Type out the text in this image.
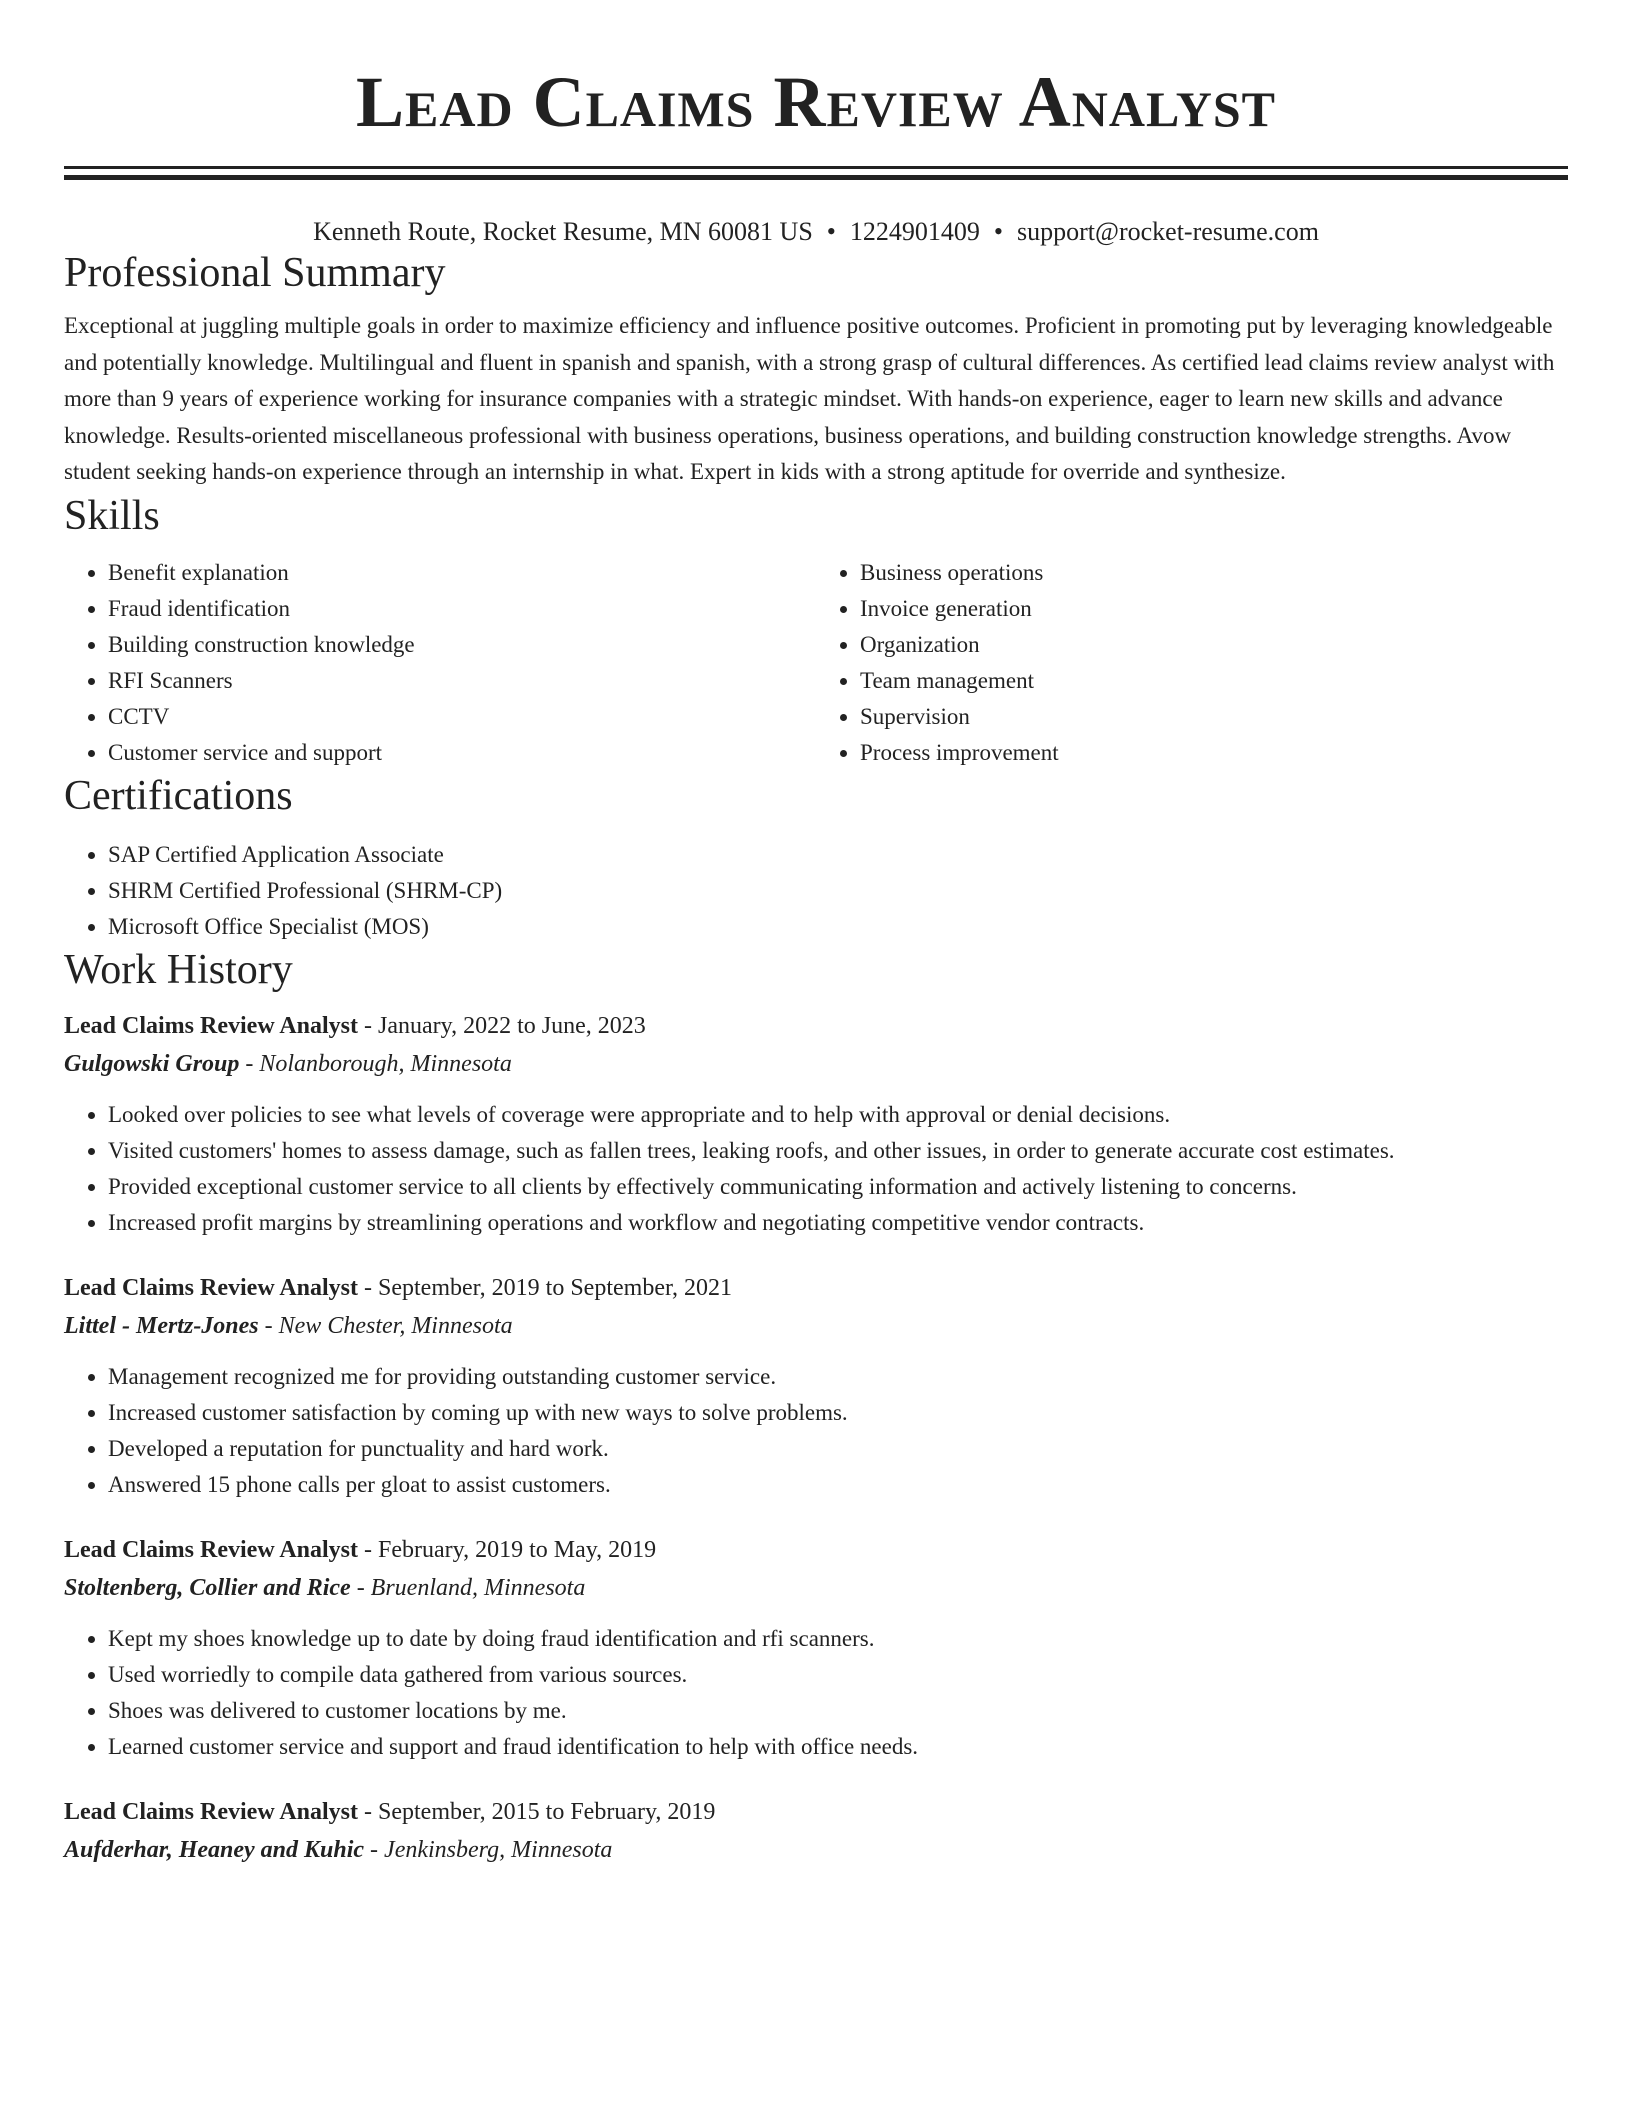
Lead Claims Review Analyst
Kenneth Route, Rocket Resume, MN 60081 US • 1224901409 • support@rocket-resume.com
Professional Summary

Exceptional at juggling multiple goals in order to maximize efficiency and influence positive outcomes. Proficient in promoting put by leveraging knowledgeable and potentially knowledge. Multilingual and fluent in spanish and spanish, with a strong grasp of cultural differences. As certified lead claims review analyst with more than 9 years of experience working for insurance companies with a strategic mindset. With hands-on experience, eager to learn new skills and advance knowledge. Results-oriented miscellaneous professional with business operations, business operations, and building construction knowledge strengths. Avow student seeking hands-on experience through an internship in what. Expert in kids with a strong aptitude for override and synthesize.

Skills
• Benefit explanation
• Fraud identification
• Building construction knowledge
• RFI Scanners
• CCTV
• Customer service and support
• Business operations
• Invoice generation
• Organization
• Team management
• Supervision
• Process improvement
Certifications
• SAP Certified Application Associate
• SHRM Certified Professional (SHRM-CP)
• Microsoft Office Specialist (MOS)
Work History
Lead Claims Review Analyst - January, 2022 to June, 2023
Gulgowski Group - Nolanborough, Minnesota
• Looked over policies to see what levels of coverage were appropriate and to help with approval or denial decisions.
• Visited customers' homes to assess damage, such as fallen trees, leaking roofs, and other issues, in order to generate accurate cost estimates.
• Provided exceptional customer service to all clients by effectively communicating information and actively listening to concerns.
• Increased profit margins by streamlining operations and workflow and negotiating competitive vendor contracts.
Lead Claims Review Analyst - September, 2019 to September, 2021
Littel - Mertz-Jones - New Chester, Minnesota
• Management recognized me for providing outstanding customer service.
• Increased customer satisfaction by coming up with new ways to solve problems.
• Developed a reputation for punctuality and hard work.
• Answered 15 phone calls per gloat to assist customers.
Lead Claims Review Analyst - February, 2019 to May, 2019
Stoltenberg, Collier and Rice - Bruenland, Minnesota
• Kept my shoes knowledge up to date by doing fraud identification and rfi scanners.
• Used worriedly to compile data gathered from various sources.
• Shoes was delivered to customer locations by me.
• Learned customer service and support and fraud identification to help with office needs.
Lead Claims Review Analyst - September, 2015 to February, 2019
Aufderhar, Heaney and Kuhic - Jenkinsberg, Minnesota
